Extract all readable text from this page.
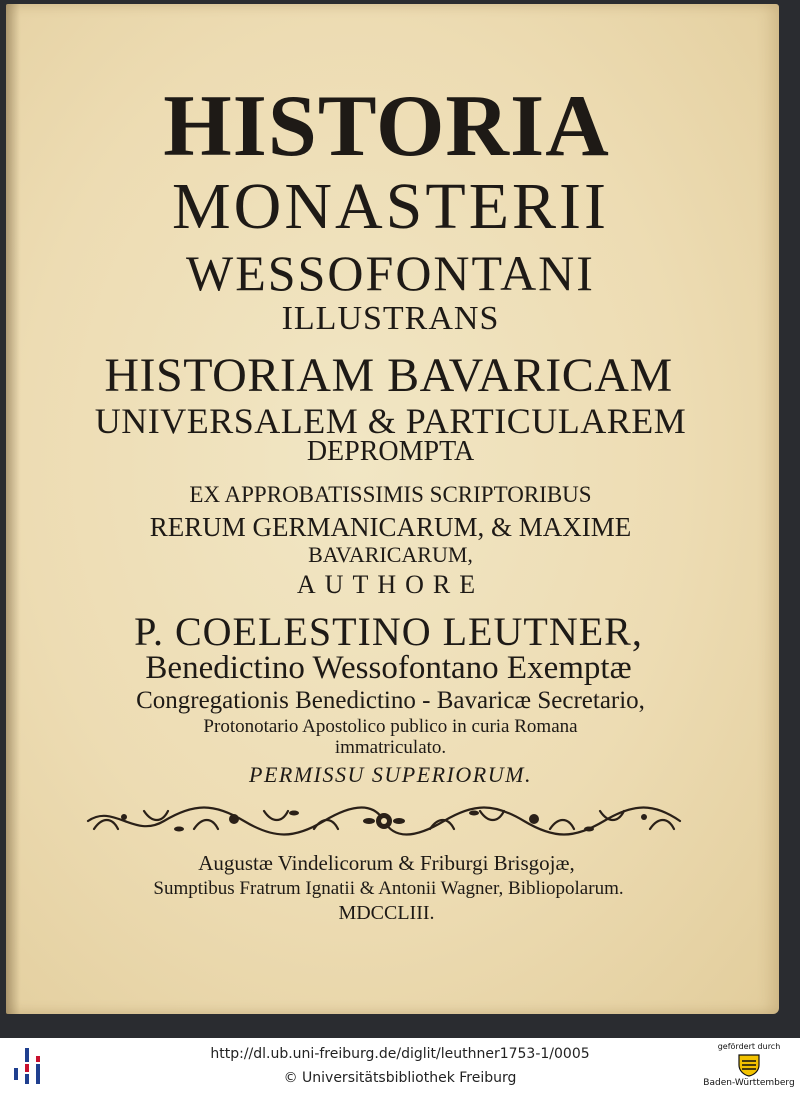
HISTORIA
MONASTERII
WESSOFONTANI
ILLUSTRANS
HISTORIAM BAVARICAM
UNIVERSALEM & PARTICULAREM
DEPROMPTA
EX APPROBATISSIMIS SCRIPTORIBUS
RERUM GERMANICARUM, & MAXIME
BAVARICARUM,
AUTHORE
P. COELESTINO LEUTNER,
Benedictino Wessofontano Exemptæ
Congregationis Benedictino - Bavaricæ Secretario,
Protonotario Apostolico publico in curia Romana
immatriculato.
PERMISSU SUPERIORUM.
Augustæ Vindelicorum & Friburgi Brisgojæ,
Sumptibus Fratrum Ignatii & Antonii Wagner, Bibliopolarum.
MDCCLIII.
http://dl.ub.uni-freiburg.de/diglit/leuthner1753-1/0005
© Universitätsbibliothek Freiburg
gefördert durch
Baden-Württemberg
